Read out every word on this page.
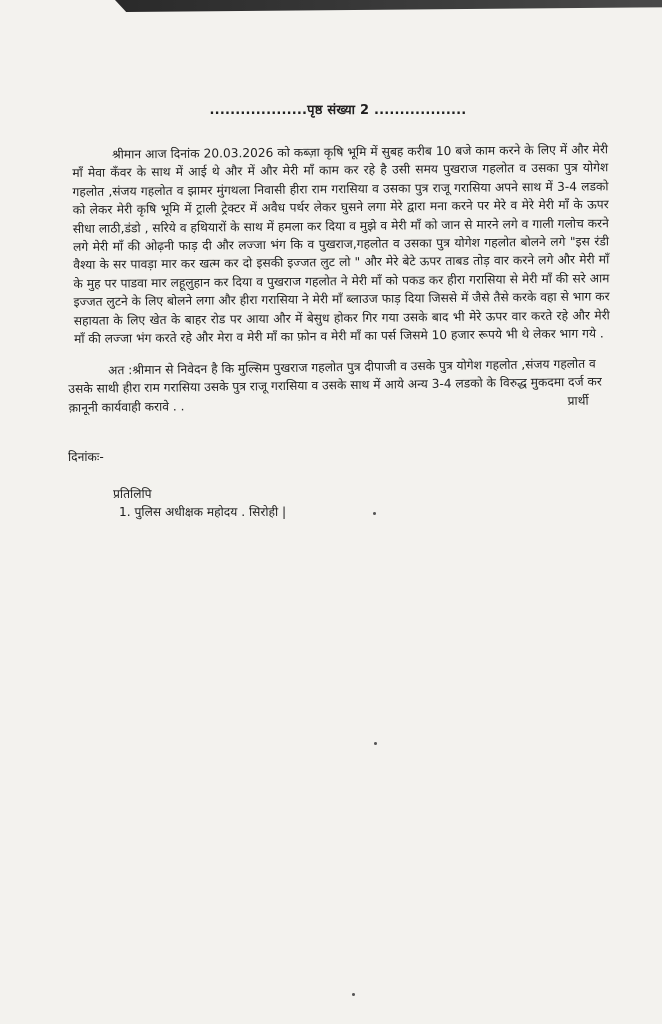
...................पृष्ठ संख्या 2 ..................

श्रीमान आज दिनांक 20.03.2026 को कब्ज़ा कृषि भूमि में सुबह करीब 10 बजे काम करने के लिए में और मेरी माँ मेवा कँवर के साथ में आई थे और में और मेरी माँ काम कर रहे है उसी समय पुखराज गहलोत व उसका पुत्र योगेश गहलोत ,संजय गहलोत व झामर मुंगथला निवासी हीरा राम गरासिया व उसका पुत्र राजू गरासिया अपने साथ में 3-4 लडको को लेकर मेरी कृषि भूमि में ट्राली ट्रेक्टर में अवैध पर्थर लेकर घुसने लगा मेरे द्वारा मना करने पर मेरे व मेरे मेरी माँ के ऊपर सीधा लाठी,डंडो , सरिये व हथियारों के साथ में हमला कर दिया व मुझे व मेरी माँ को जान से मारने लगे व गाली गलोच करने लगे मेरी माँ की ओढ़नी फाड़ दी और लज्जा भंग कि व पुखराज,गहलोत व उसका पुत्र योगेश गहलोत बोलने लगे "इस रंडी वैश्या के सर पावड़ा मार कर खत्म कर दो इसकी इज्जत लुट लो " और मेरे बेटे ऊपर ताबड तोड़ वार करने लगे और मेरी माँ के मुह पर पाडवा मार लहूलुहान कर दिया व पुखराज गहलोत ने मेरी माँ को पकड कर हीरा गरासिया से मेरी माँ की सरे आम इज्जत लुटने के लिए बोलने लगा और हीरा गरासिया ने मेरी माँ ब्लाउज फाड़ दिया जिससे में जैसे तैसे करके वहा से भाग कर सहायता के लिए खेत के बाहर रोड पर आया और में बेसुध होकर गिर गया उसके बाद भी मेरे ऊपर वार करते रहे और मेरी माँ की लज्जा भंग करते रहे और मेरा व मेरी माँ का फ़ोन व मेरी माँ का पर्स जिसमे 10 हजार रूपये भी थे लेकर भाग गये .

अत :श्रीमान से निवेदन है कि मुल्सिम पुखराज गहलोत पुत्र दीपाजी व उसके पुत्र योगेश गहलोत ,संजय गहलोत व उसके साथी हीरा राम गरासिया उसके पुत्र राजू गरासिया व उसके साथ में आये अन्य 3-4 लडको के विरुद्ध मुकदमा दर्ज कर क़ानूनी कार्यवाही करावे . .	प्रार्थी
दिनांकः-
प्रतिलिपि
1. पुलिस अधीक्षक महोदय . सिरोही |
